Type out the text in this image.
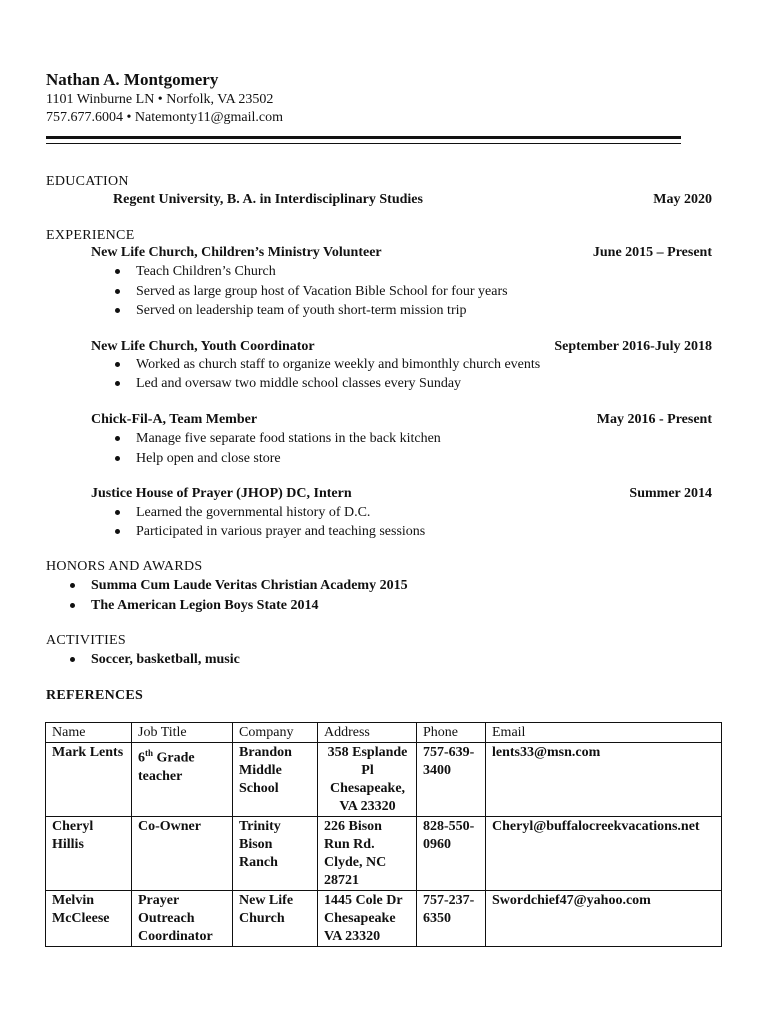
Nathan A. Montgomery
1101 Winburne LN • Norfolk, VA 23502
757.677.6004 • Natemonty11@gmail.com
EDUCATION
Regent University, B. A. in Interdisciplinary Studies	May 2020
EXPERIENCE
New Life Church, Children’s Ministry Volunteer	June 2015 – Present
Teach Children’s Church
Served as large group host of Vacation Bible School for four years
Served on leadership team of youth short-term mission trip
New Life Church, Youth Coordinator	September 2016-July 2018
Worked as church staff to organize weekly and bimonthly church events
Led and oversaw two middle school classes every Sunday
Chick-Fil-A, Team Member	May 2016 - Present
Manage five separate food stations in the back kitchen
Help open and close store
Justice House of Prayer (JHOP) DC, Intern	Summer 2014
Learned the governmental history of D.C.
Participated in various prayer and teaching sessions
HONORS AND AWARDS
Summa Cum Laude Veritas Christian Academy 2015
The American Legion Boys State 2014
ACTIVITIES
Soccer, basketball, music
REFERENCES
Name	Job Title	Company	Address	Phone	Email
Mark Lents	6th Grade teacher	Brandon Middle School	358 Esplande Pl Chesapeake, VA 23320	757-639-3400	lents33@msn.com
Cheryl Hillis	Co-Owner	Trinity Bison Ranch	226 Bison Run Rd. Clyde, NC 28721	828-550-0960	Cheryl@buffalocreekvacations.net
Melvin McCleese	Prayer Outreach Coordinator	New Life Church	1445 Cole Dr Chesapeake VA 23320	757-237-6350	Swordchief47@yahoo.com
